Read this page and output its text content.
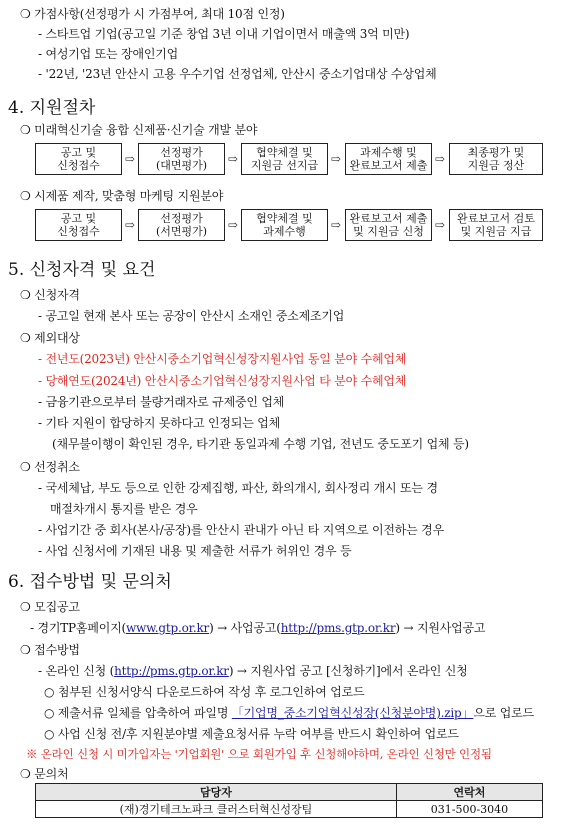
❍ 가점사항(선정평가 시 가점부여, 최대 10점 인정)
- 스타트업 기업(공고일 기준 창업 3년 이내 기업이면서 매출액 3억 미만)
- 여성기업 또는 장애인기업
- '22년, '23년 안산시 고용 우수기업 선정업체, 안산시 중소기업대상 수상업체
4. 지원절차
❍ 미래혁신기술 융합 신제품·신기술 개발 분야
공고 및
신청접수 ⇨	선정평가
(대면평가) ⇨	협약체결 및
지원금 선지급 ⇨	과제수행 및
완료보고서 제출 ⇨ 최종평가 및
지원금 정산
❍ 시제품 제작, 맞춤형 마케팅 지원분야
공고 및
신청접수 ⇨	선정평가
(서면평가) ⇨ 협약체결 및
과제수행	⇨ 완료보고서 제출
및 지원금 신청 ⇨ 완료보고서 검토
및 지원금 지급
5. 신청자격 및 요건
❍ 신청자격
- 공고일 현재 본사 또는 공장이 안산시 소재인 중소제조기업
❍ 제외대상
- 전년도(2023년) 안산시중소기업혁신성장지원사업 동일 분야 수혜업체
- 당해연도(2024년) 안산시중소기업혁신성장지원사업 타 분야 수혜업체
- 금융기관으로부터 불량거래자로 규제중인 업체
- 기타 지원이 합당하지 못하다고 인정되는 업체
(채무불이행이 확인된 경우, 타기관 동일과제 수행 기업, 전년도 중도포기 업체 등)
❍ 선정취소
- 국세체납, 부도 등으로 인한 강제집행, 파산, 화의개시, 회사정리 개시 또는 경
매절차개시 통지를 받은 경우
- 사업기간 중 회사(본사/공장)를 안산시 관내가 아닌 타 지역으로 이전하는 경우
- 사업 신청서에 기재된 내용 및 제출한 서류가 허위인 경우 등
6. 접수방법 및 문의처
❍ 모집공고
- 경기TP홈페이지(www.gtp.or.kr) → 사업공고(http://pms.gtp.or.kr) → 지원사업공고
❍ 접수방법
- 온라인 신청 (http://pms.gtp.or.kr) → 지원사업 공고 [신청하기]에서 온라인 신청
○ 첨부된 신청서양식 다운로드하여 작성 후 로그인하여 업로드
○ 제출서류 일체를 압축하여 파일명 「기업명_중소기업혁신성장(신청분야명).zip」으로 업로드
○ 사업 신청 전/후 지원분야별 제출요청서류 누락 여부를 반드시 확인하여 업로드
※ 온라인 신청 시 미가입자는 '기업회원' 으로 회원가입 후 신청해야하며, 온라인 신청만 인정됨
❍ 문의처
담당자	연락처
(재)경기테크노파크 클러스터혁신성장팀	031-500-3040
